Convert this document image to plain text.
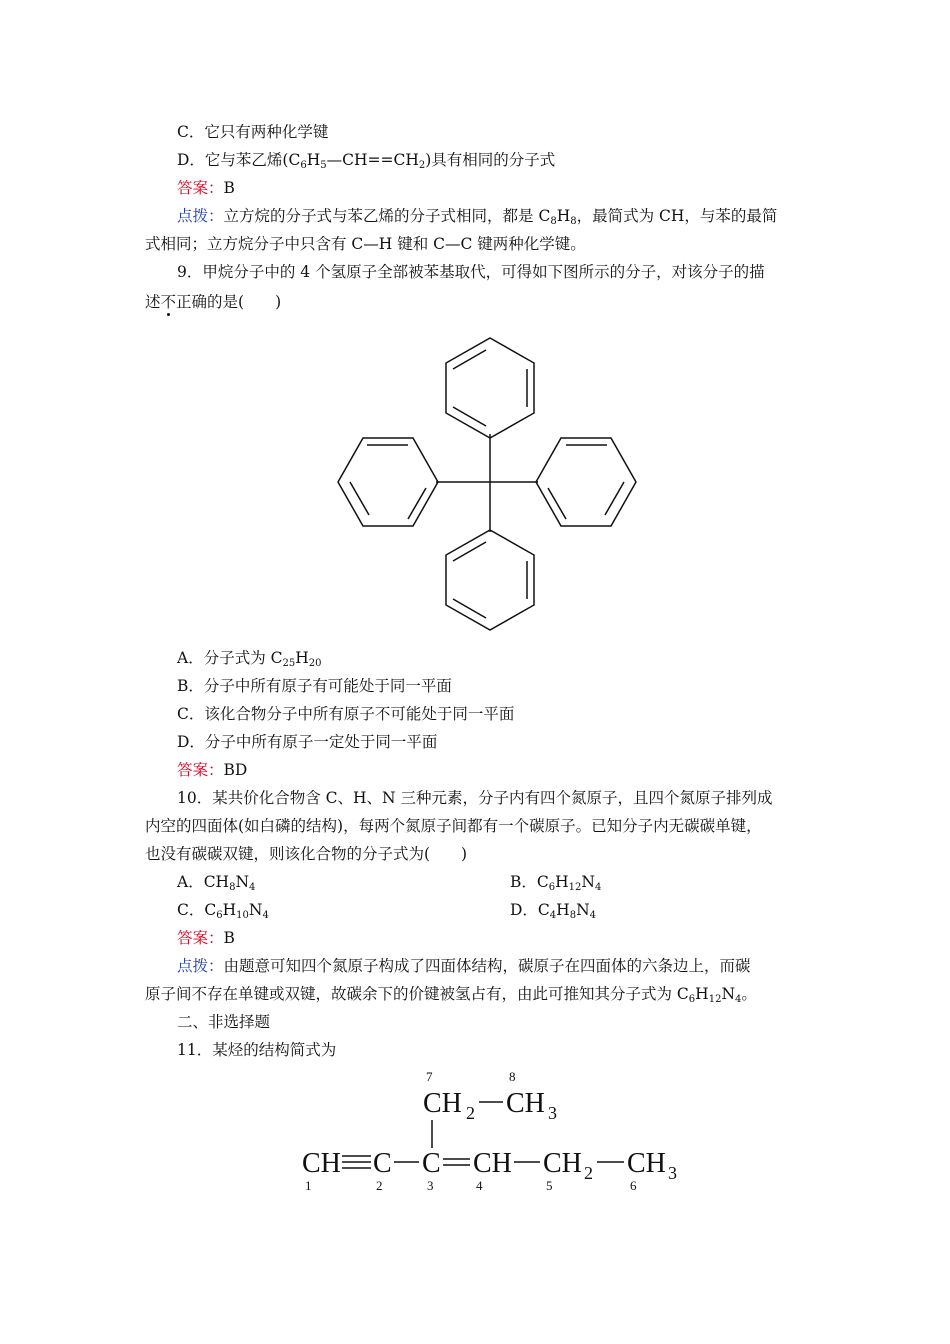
C．它只有两种化学键
D．它与苯乙烯$(C_6H_5—CH==CH_2)$具有相同的分子式
答案：B
点拨：立方烷的分子式与苯乙烯的分子式相同，都是 $C_8H_8$，最简式为 CH，与苯的最简
式相同；立方烷分子中只含有 C—H 键和 C—C 键两种化学键。
9．甲烷分子中的 4 个氢原子全部被苯基取代，可得如下图所示的分子，对该分子的描
述不正确的是(　　)
A．分子式为 $C_{25}H_{20}$
B．分子中所有原子有可能处于同一平面
C．该化合物分子中所有原子不可能处于同一平面
D．分子中所有原子一定处于同一平面
答案：BD
10．某共价化合物含 C、H、N 三种元素，分子内有四个氮原子，且四个氮原子排列成
内空的四面体(如白磷的结构)，每两个氮原子间都有一个碳原子。已知分子内无碳碳单键，
也没有碳碳双键，则该化合物的分子式为(　　)
A．$CH_8N_4$	B．$C_6H_{12}N_4$
C．$C_6H_{10}N_4$	D．$C_4H_8N_4$
答案：B
点拨：由题意可知四个氮原子构成了四面体结构，碳原子在四面体的六条边上，而碳
原子间不存在单键或双键，故碳余下的价键被氢占有，由此可推知其分子式为 $C_6H_{12}N_4$。
二、非选择题
11．某烃的结构简式为
CH 2 CH 3
CH C C CH CH 2 CH 3
7	8
1	2	3	4	5	6
